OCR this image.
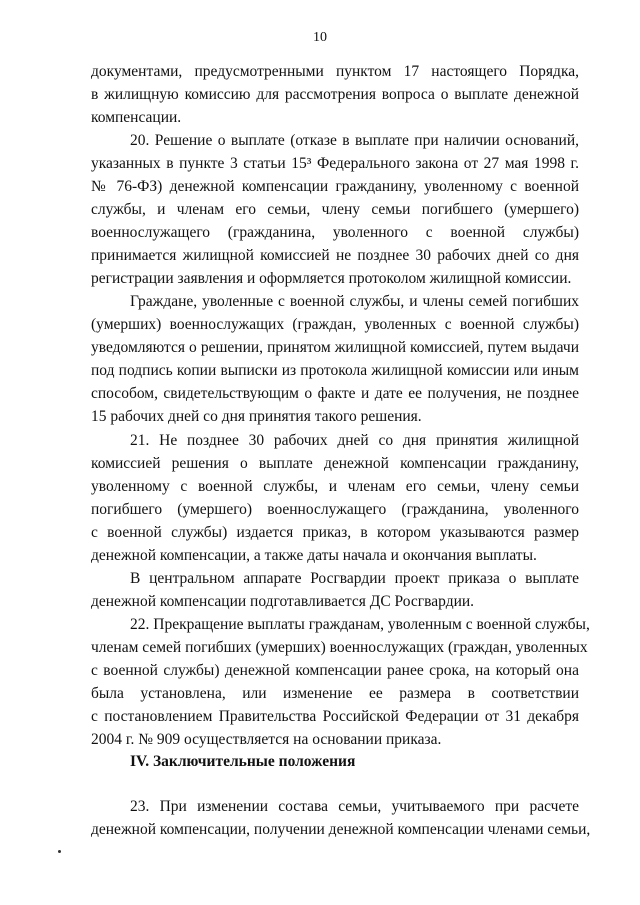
10
документами, предусмотренными пунктом 17 настоящего Порядка,
в жилищную комиссию для рассмотрения вопроса о выплате денежной
компенсации.
20. Решение о выплате (отказе в выплате при наличии оснований,
указанных в пункте 3 статьи 15³ Федерального закона от 27 мая 1998 г.
№ 76-ФЗ) денежной компенсации гражданину, уволенному с военной
службы, и членам его семьи, члену семьи погибшего (умершего)
военнослужащего (гражданина, уволенного с военной службы)
принимается жилищной комиссией не позднее 30 рабочих дней со дня
регистрации заявления и оформляется протоколом жилищной комиссии.
Граждане, уволенные с военной службы, и члены семей погибших
(умерших) военнослужащих (граждан, уволенных с военной службы)
уведомляются о решении, принятом жилищной комиссией, путем выдачи
под подпись копии выписки из протокола жилищной комиссии или иным
способом, свидетельствующим о факте и дате ее получения, не позднее
15 рабочих дней со дня принятия такого решения.
21. Не позднее 30 рабочих дней со дня принятия жилищной
комиссией решения о выплате денежной компенсации гражданину,
уволенному с военной службы, и членам его семьи, члену семьи
погибшего (умершего) военнослужащего (гражданина, уволенного
с военной службы) издается приказ, в котором указываются размер
денежной компенсации, а также даты начала и окончания выплаты.
В центральном аппарате Росгвардии проект приказа о выплате
денежной компенсации подготавливается ДС Росгвардии.
22. Прекращение выплаты гражданам, уволенным с военной службы,
членам семей погибших (умерших) военнослужащих (граждан, уволенных
с военной службы) денежной компенсации ранее срока, на который она
была установлена, или изменение ее размера в соответствии
с постановлением Правительства Российской Федерации от 31 декабря
2004 г. № 909 осуществляется на основании приказа.
IV. Заключительные положения
23. При изменении состава семьи, учитываемого при расчете
денежной компенсации, получении денежной компенсации членами семьи,
